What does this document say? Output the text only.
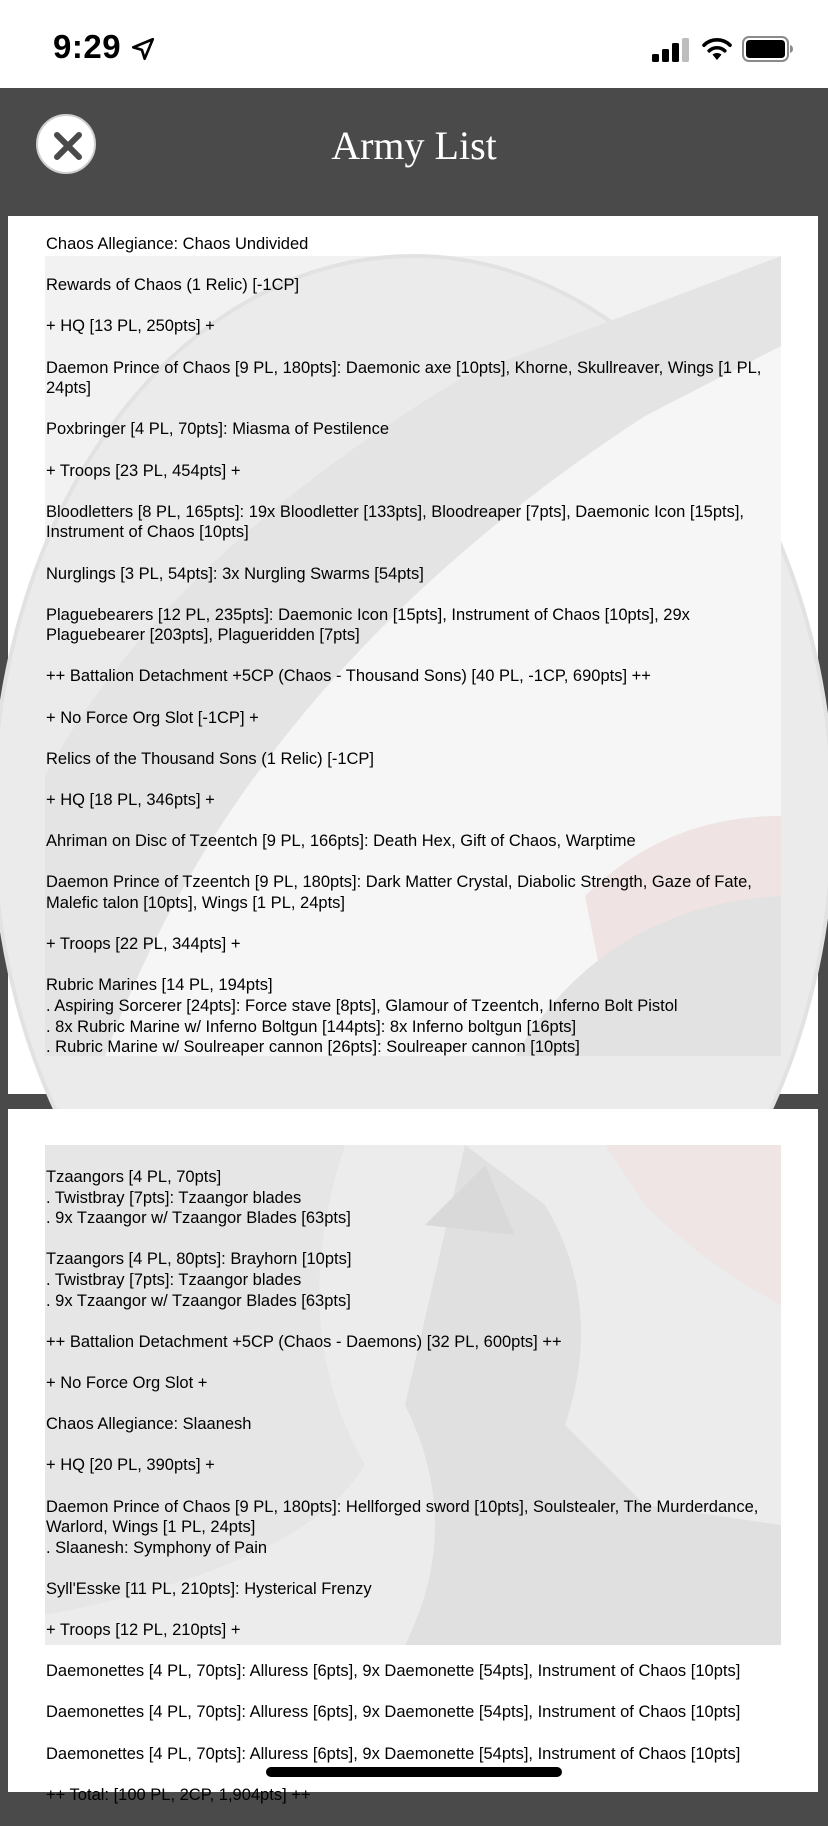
9:29
Army List
Chaos Allegiance: Chaos Undivided
Rewards of Chaos (1 Relic) [-1CP]
+ HQ [13 PL, 250pts] +
Daemon Prince of Chaos [9 PL, 180pts]: Daemonic axe [10pts], Khorne, Skullreaver, Wings [1 PL,
24pts]
Poxbringer [4 PL, 70pts]: Miasma of Pestilence
+ Troops [23 PL, 454pts] +
Bloodletters [8 PL, 165pts]: 19x Bloodletter [133pts], Bloodreaper [7pts], Daemonic Icon [15pts],
Instrument of Chaos [10pts]
Nurglings [3 PL, 54pts]: 3x Nurgling Swarms [54pts]
Plaguebearers [12 PL, 235pts]: Daemonic Icon [15pts], Instrument of Chaos [10pts], 29x
Plaguebearer [203pts], Plagueridden [7pts]
++ Battalion Detachment +5CP (Chaos - Thousand Sons) [40 PL, -1CP, 690pts] ++
+ No Force Org Slot [-1CP] +
Relics of the Thousand Sons (1 Relic) [-1CP]
+ HQ [18 PL, 346pts] +
Ahriman on Disc of Tzeentch [9 PL, 166pts]: Death Hex, Gift of Chaos, Warptime
Daemon Prince of Tzeentch [9 PL, 180pts]: Dark Matter Crystal, Diabolic Strength, Gaze of Fate,
Malefic talon [10pts], Wings [1 PL, 24pts]
+ Troops [22 PL, 344pts] +
Rubric Marines [14 PL, 194pts]
. Aspiring Sorcerer [24pts]: Force stave [8pts], Glamour of Tzeentch, Inferno Bolt Pistol
. 8x Rubric Marine w/ Inferno Boltgun [144pts]: 8x Inferno boltgun [16pts]
. Rubric Marine w/ Soulreaper cannon [26pts]: Soulreaper cannon [10pts]
Tzaangors [4 PL, 70pts]
. Twistbray [7pts]: Tzaangor blades
. 9x Tzaangor w/ Tzaangor Blades [63pts]
Tzaangors [4 PL, 80pts]: Brayhorn [10pts]
. Twistbray [7pts]: Tzaangor blades
. 9x Tzaangor w/ Tzaangor Blades [63pts]
++ Battalion Detachment +5CP (Chaos - Daemons) [32 PL, 600pts] ++
+ No Force Org Slot +
Chaos Allegiance: Slaanesh
+ HQ [20 PL, 390pts] +
Daemon Prince of Chaos [9 PL, 180pts]: Hellforged sword [10pts], Soulstealer, The Murderdance,
Warlord, Wings [1 PL, 24pts]
. Slaanesh: Symphony of Pain
Syll'Esske [11 PL, 210pts]: Hysterical Frenzy
+ Troops [12 PL, 210pts] +
Daemonettes [4 PL, 70pts]: Alluress [6pts], 9x Daemonette [54pts], Instrument of Chaos [10pts]
Daemonettes [4 PL, 70pts]: Alluress [6pts], 9x Daemonette [54pts], Instrument of Chaos [10pts]
Daemonettes [4 PL, 70pts]: Alluress [6pts], 9x Daemonette [54pts], Instrument of Chaos [10pts]
++ Total: [100 PL, 2CP, 1,904pts] ++
